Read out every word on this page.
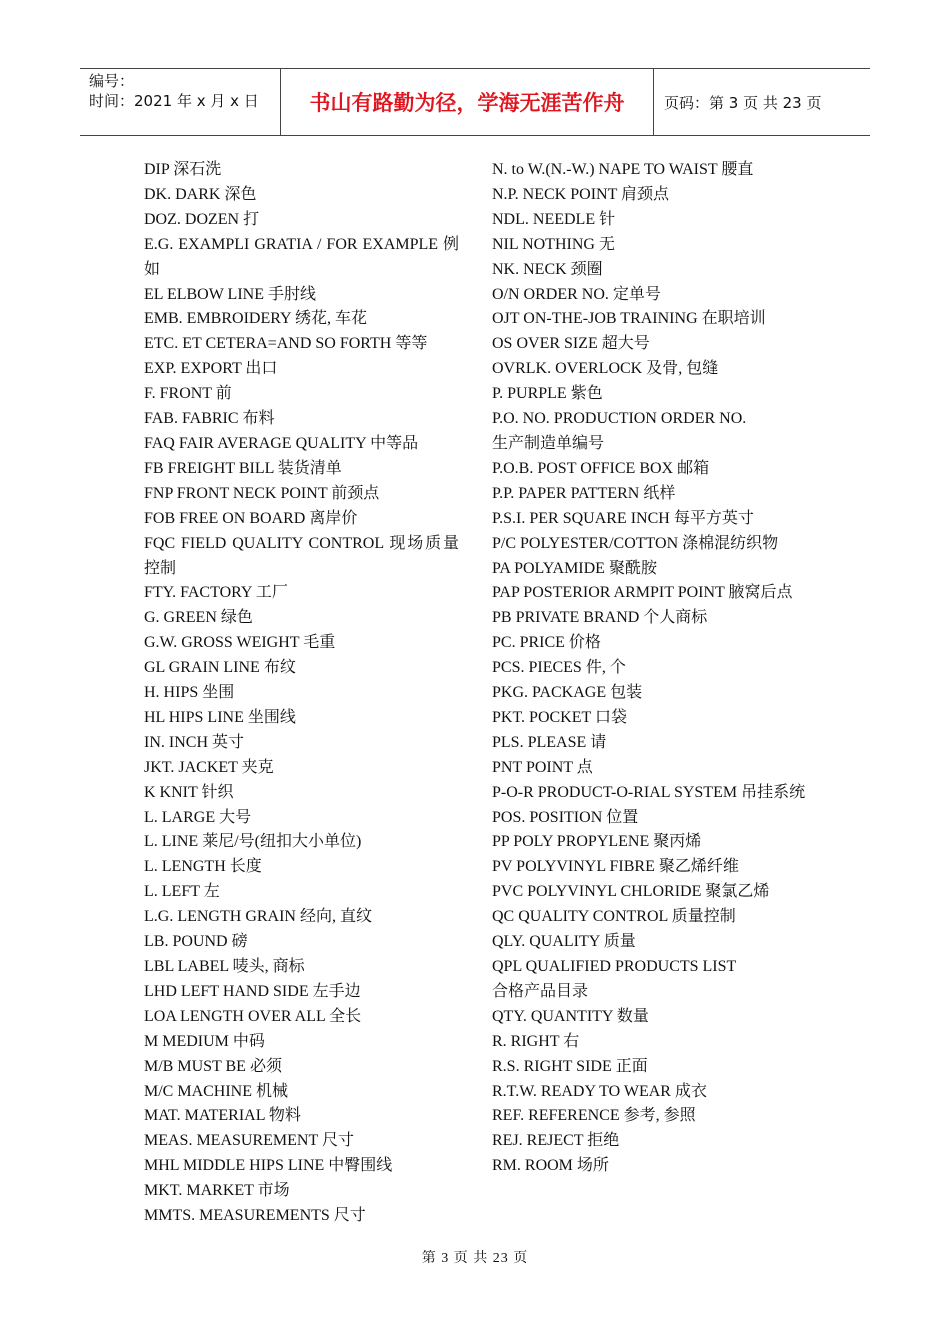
编号：
时间：2021 年 x 月 x 日	书山有路勤为径，学海无涯苦作舟	页码：第 3 页 共 23 页
DIP 深石洗
DK. DARK 深色
DOZ. DOZEN 打
E.G. EXAMPLI GRATIA / FOR EXAMPLE 例如
EL ELBOW LINE 手肘线
EMB. EMBROIDERY 绣花, 车花
ETC. ET CETERA=AND SO FORTH 等等
EXP. EXPORT 出口
F. FRONT 前
FAB. FABRIC 布料
FAQ FAIR AVERAGE QUALITY 中等品
FB FREIGHT BILL 装货清单
FNP FRONT NECK POINT 前颈点
FOB FREE ON BOARD 离岸价
FQC FIELD QUALITY CONTROL 现场质量控制
FTY. FACTORY 工厂
G. GREEN 绿色
G.W. GROSS WEIGHT 毛重
GL GRAIN LINE 布纹
H. HIPS 坐围
HL HIPS LINE 坐围线
IN. INCH 英寸
JKT. JACKET 夹克
K KNIT 针织
L. LARGE 大号
L. LINE 莱尼/号(纽扣大小单位)
L. LENGTH 长度
L. LEFT 左
L.G. LENGTH GRAIN 经向, 直纹
LB. POUND 磅
LBL LABEL 唛头, 商标
LHD LEFT HAND SIDE 左手边
LOA LENGTH OVER ALL 全长
M MEDIUM 中码
M/B MUST BE 必须
M/C MACHINE 机械
MAT. MATERIAL 物料
MEAS. MEASUREMENT 尺寸
MHL MIDDLE HIPS LINE 中臀围线
MKT. MARKET 市场
MMTS. MEASUREMENTS 尺寸
N. to W.(N.-W.) NAPE TO WAIST 腰直
N.P. NECK POINT 肩颈点
NDL. NEEDLE 针
NIL NOTHING 无
NK. NECK 颈圈
O/N ORDER NO. 定单号
OJT ON-THE-JOB TRAINING 在职培训
OS OVER SIZE 超大号
OVRLK. OVERLOCK 及骨, 包缝
P. PURPLE 紫色
P.O. NO. PRODUCTION ORDER NO.
生产制造单编号
P.O.B. POST OFFICE BOX 邮箱
P.P. PAPER PATTERN 纸样
P.S.I. PER SQUARE INCH 每平方英寸
P/C POLYESTER/COTTON 涤棉混纺织物
PA POLYAMIDE 聚酰胺
PAP POSTERIOR ARMPIT POINT 腋窝后点
PB PRIVATE BRAND 个人商标
PC. PRICE 价格
PCS. PIECES 件, 个
PKG. PACKAGE 包装
PKT. POCKET 口袋
PLS. PLEASE 请
PNT POINT 点
P-O-R PRODUCT-O-RIAL SYSTEM 吊挂系统
POS. POSITION 位置
PP POLY PROPYLENE 聚丙烯
PV POLYVINYL FIBRE 聚乙烯纤维
PVC POLYVINYL CHLORIDE 聚氯乙烯
QC QUALITY CONTROL 质量控制
QLY. QUALITY 质量
QPL QUALIFIED PRODUCTS LIST
合格产品目录
QTY. QUANTITY 数量
R. RIGHT 右
R.S. RIGHT SIDE 正面
R.T.W. READY TO WEAR 成衣
REF. REFERENCE 参考, 参照
REJ. REJECT 拒绝
RM. ROOM 场所
第 3 页 共 23 页
